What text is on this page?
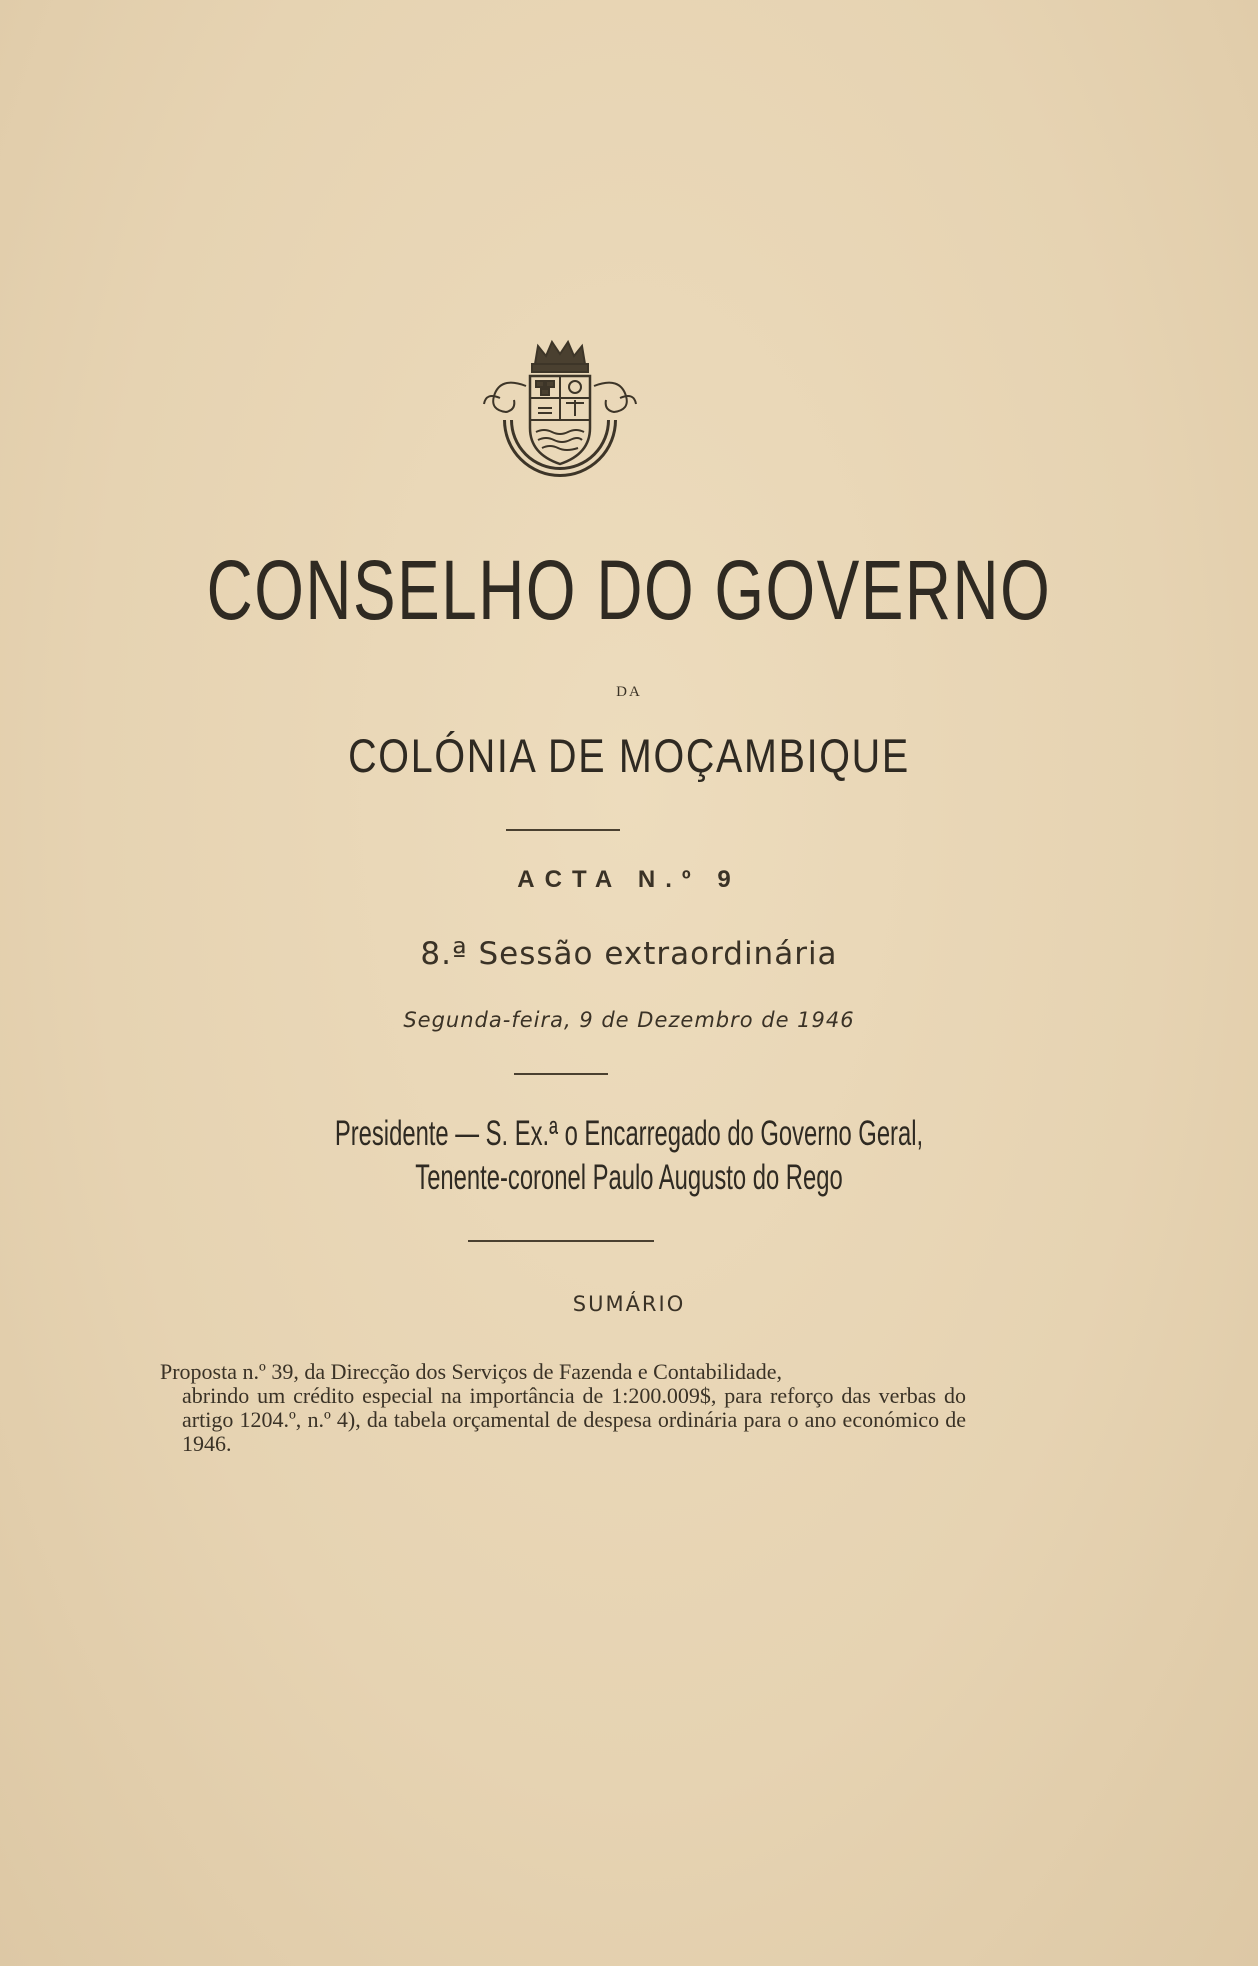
CONSELHO DO GOVERNO
DA
COLÓNIA DE MOÇAMBIQUE
ACTA N.º 9
8.ª Sessão extraordinária
Segunda-feira, 9 de Dezembro de 1946
Presidente — S. Ex.ª o Encarregado do Governo Geral,
Tenente-coronel Paulo Augusto do Rego
SUMÁRIO
Proposta n.º 39, da Direcção dos Serviços de Fazenda e Contabilidade,
abrindo um crédito especial na importância de 1:200.009$, para reforço das verbas do artigo 1204.º, n.º 4), da tabela orçamental de despesa ordinária para o ano económico de 1946.
